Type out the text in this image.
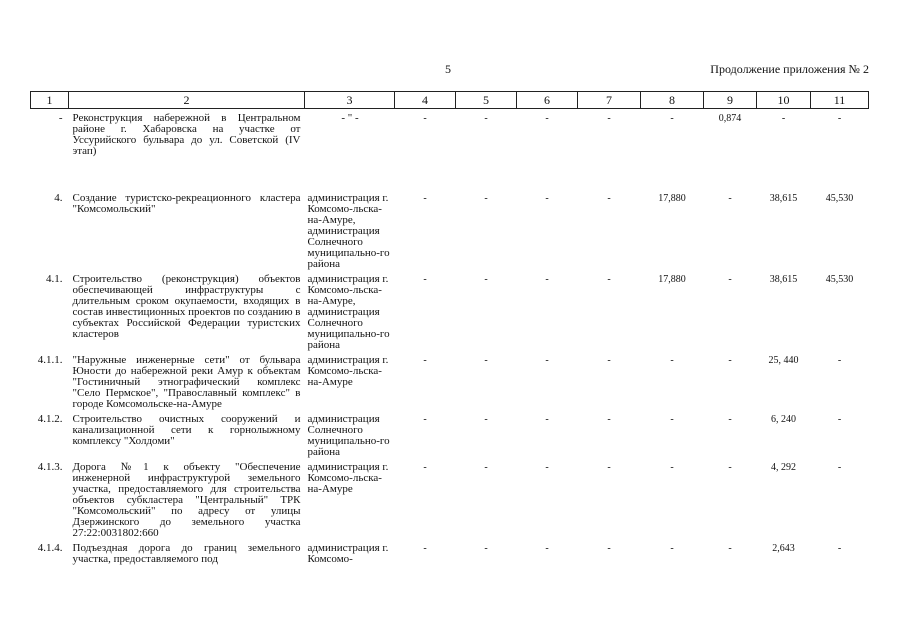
5	Продолжение приложения № 2
1	2	3	4	5	6	7	8	9	10	11
-	Реконструкция набережной в Центральном районе г. Хабаровска на участке от Уссурийского бульвара до ул. Советской (IV этап)	- " -	-	-	-	-	-	0,874	-	-

4.	Создание туристско-рекреационного кластера "Комсомольский"	администрация г. Комсомо-льска-на-Амуре, администрация Солнечного муниципально-го района	-	-	-	-	17,880	-	38,615	45,530
4.1.	Строительство (реконструкция) объектов обеспечивающей инфраструктуры с длительным сроком окупаемости, входящих в состав инвестиционных проектов по созданию в субъектах Российской Федерации туристских кластеров	администрация г. Комсомо-льска-на-Амуре, администрация Солнечного муниципально-го района	-	-	-	-	17,880	-	38,615	45,530
4.1.1.	"Наружные инженерные сети" от бульвара Юности до набережной реки Амур к объектам "Гостиничный этнографический комплекс "Село Пермское", "Православный комплекс" в городе Комсомольске-на-Амуре	администрация г. Комсомо-льска-на-Амуре	-	-	-	-	-	-	25, 440	-
4.1.2.	Строительство очистных сооружений и канализационной сети к горнолыжному комплексу "Холдоми"	администрация Солнечного муниципально-го района	-	-	-	-	-	-	6, 240	-
4.1.3.	Дорога №1 к объекту "Обеспечение инженерной инфраструктурой земельного участка, предоставляемого для строительства объектов субкластера "Центральный" ТРК "Комсомольский" по адресу от улицы Дзержинского до земельного участка 27:22:0031802:660	администрация г. Комсомо-льска-на-Амуре	-	-	-	-	-	-	4, 292	-
4.1.4.	Подъездная дорога до границ земельного участка, предоставляемого под	администрация г. Комсомо-	-	-	-	-	-	-	2,643	-
